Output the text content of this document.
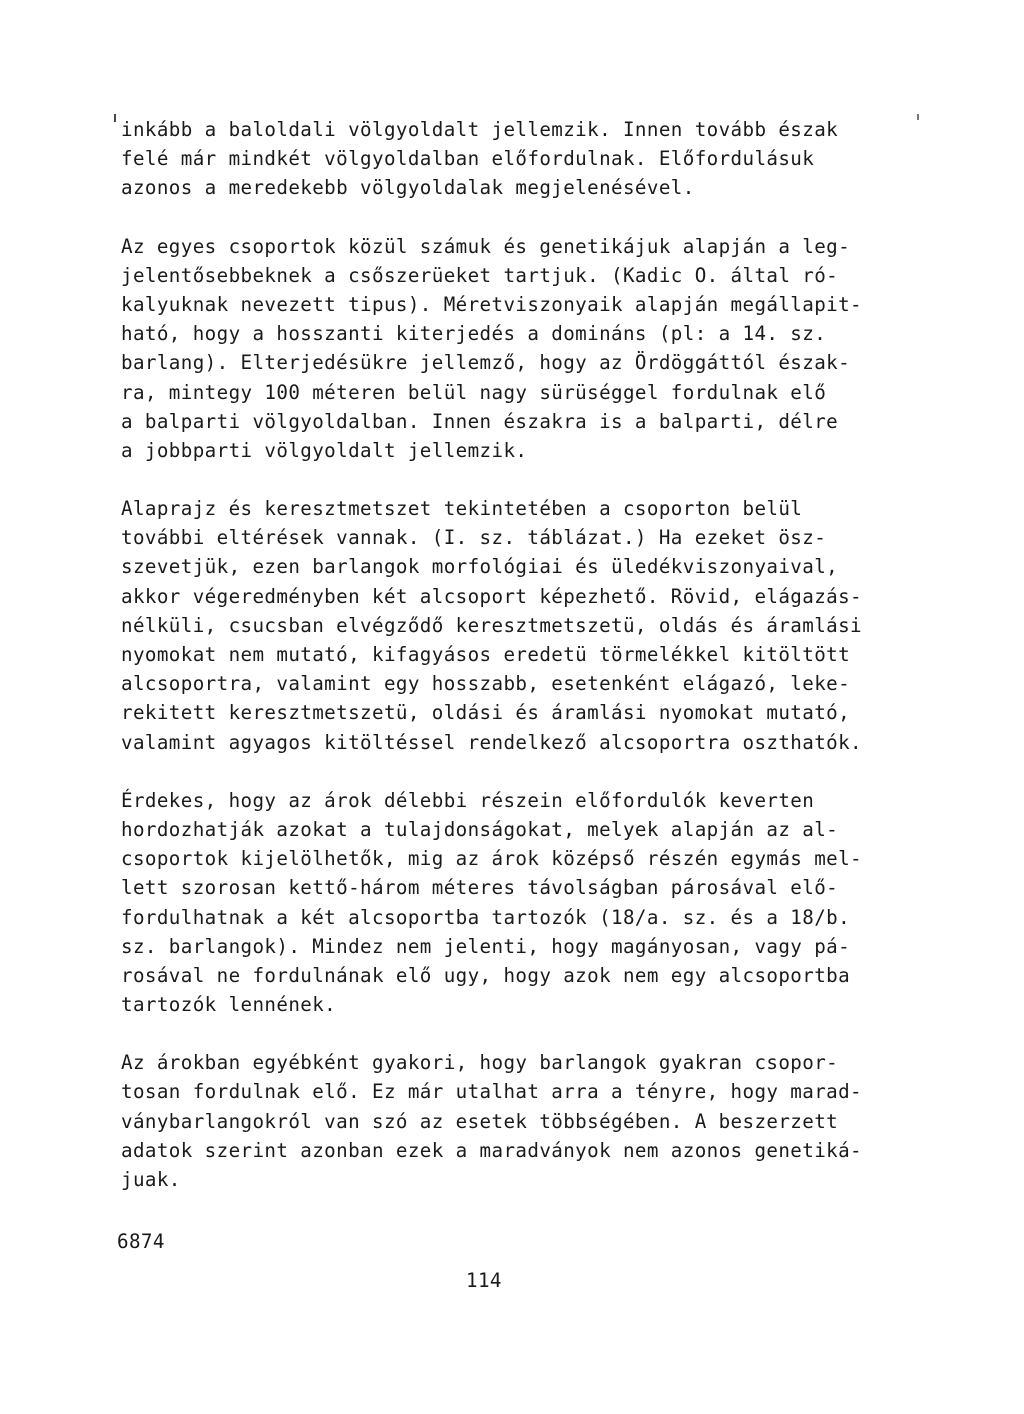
inkább a baloldali völgyoldalt jellemzik. Innen tovább észak
felé már mindkét völgyoldalban előfordulnak. Előfordulásuk
azonos a meredekebb völgyoldalak megjelenésével.
Az egyes csoportok közül számuk és genetikájuk alapján a leg-
jelentősebbeknek a csőszerüeket tartjuk. (Kadic O. által ró-
kalyuknak nevezett tipus). Méretviszonyaik alapján megállapit-
ható, hogy a hosszanti kiterjedés a domináns (pl: a 14. sz.
barlang). Elterjedésükre jellemző, hogy az Ördöggáttól észak-
ra, mintegy 100 méteren belül nagy sürüséggel fordulnak elő
a balparti völgyoldalban. Innen északra is a balparti, délre
a jobbparti völgyoldalt jellemzik.
Alaprajz és keresztmetszet tekintetében a csoporton belül
további eltérések vannak. (I. sz. táblázat.) Ha ezeket ösz-
szevetjük, ezen barlangok morfológiai és üledékviszonyaival,
akkor végeredményben két alcsoport képezhető. Rövid, elágazás-
nélküli, csucsban elvégződő keresztmetszetü, oldás és áramlási
nyomokat nem mutató, kifagyásos eredetü törmelékkel kitöltött
alcsoportra, valamint egy hosszabb, esetenként elágazó, leke-
rekitett keresztmetszetü, oldási és áramlási nyomokat mutató,
valamint agyagos kitöltéssel rendelkező alcsoportra oszthatók.
Érdekes, hogy az árok délebbi részein előfordulók keverten
hordozhatják azokat a tulajdonságokat, melyek alapján az al-
csoportok kijelölhetők, mig az árok középső részén egymás mel-
lett szorosan kettő-három méteres távolságban párosával elő-
fordulhatnak a két alcsoportba tartozók (18/a. sz. és a 18/b.
sz. barlangok). Mindez nem jelenti, hogy magányosan, vagy pá-
rosával ne fordulnának elő ugy, hogy azok nem egy alcsoportba
tartozók lennének.
Az árokban egyébként gyakori, hogy barlangok gyakran csopor-
tosan fordulnak elő. Ez már utalhat arra a tényre, hogy marad-
ványbarlangokról van szó az esetek többségében. A beszerzett
adatok szerint azonban ezek a maradványok nem azonos genetiká-
juak.
6874
114
